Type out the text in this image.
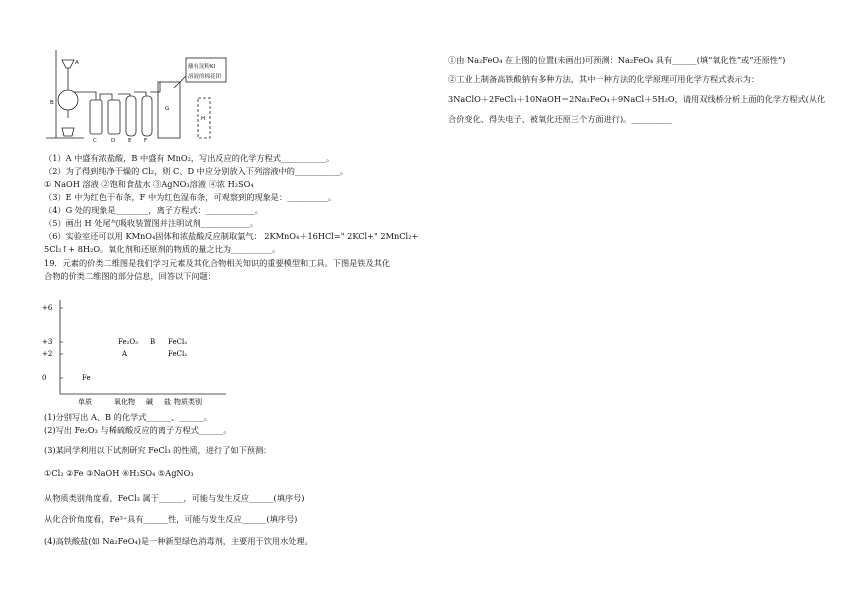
A
B
C	D E F
G
H
蘸有淀粉KI
溶液的棉花团
（1）A 中盛有浓盐酸，B 中盛有 MnO₂，写出反应的化学方程式___________。
（2）为了得到纯净干燥的 Cl₂，则 C、D 中应分别放入下列溶液中的___________。
① NaOH 溶液 ②饱和食盐水 ③AgNO₃溶液 ④浓 H₂SO₄
（3）E 中为红色干布条，F 中为红色湿布条，可观察到的现象是：__________。
（4）G 处的现象是________，离子方程式：____________。
（5）画出 H 处尾气吸收装置图并注明试剂____________。
（6）实验室还可以用 KMnO₄固体和浓盐酸反应制取氯气： 2KMnO₄＋16HCl=" 2KCl+" 2MnCl₂+
5Cl₂↑+ 8H₂O。氧化剂和还原剂的物质的量之比为__________。
19．元素的价类二维图是我们学习元素及其化合物相关知识的重要模型和工具。下图是铁及其化
合物的价类二维图的部分信息，回答以下问题：
+6
+3
+2
0
单质	氧化物 碱 盐
Fe
Fe₂O₃
A
B FeCl₃
FeCl₂
物质类别
(1)分别写出 A、B 的化学式______、______。
(2)写出 Fe₂O₃ 与稀硫酸反应的离子方程式______。
(3)某同学利用以下试剂研究 FeCl₃ 的性质，进行了如下预测：
①Cl₂ ②Fe ③NaOH ④H₂SO₄ ⑤AgNO₃
从物质类别角度看，FeCl₃ 属于______，可能与发生反应______(填序号)
从化合价角度看，Fe³⁺具有______性，可能与发生反应______(填序号)
(4)高铁酸盐(如 Na₂FeO₄)是一种新型绿色消毒剂，主要用于饮用水处理。
①由 Na₂FeO₄ 在上图的位置(未画出)可预测：Na₂FeO₄ 具有______(填“氧化性”或“还原性”)
②工业上制备高铁酸钠有多种方法，其中一种方法的化学原理可用化学方程式表示为：
3NaClO＋2FeCl₃＋10NaOH＝2Na₂FeO₄＋9NaCl＋5H₂O，请用双线桥分析上面的化学方程式(从化
合价变化、得失电子、被氧化还原三个方面进行)。__________
